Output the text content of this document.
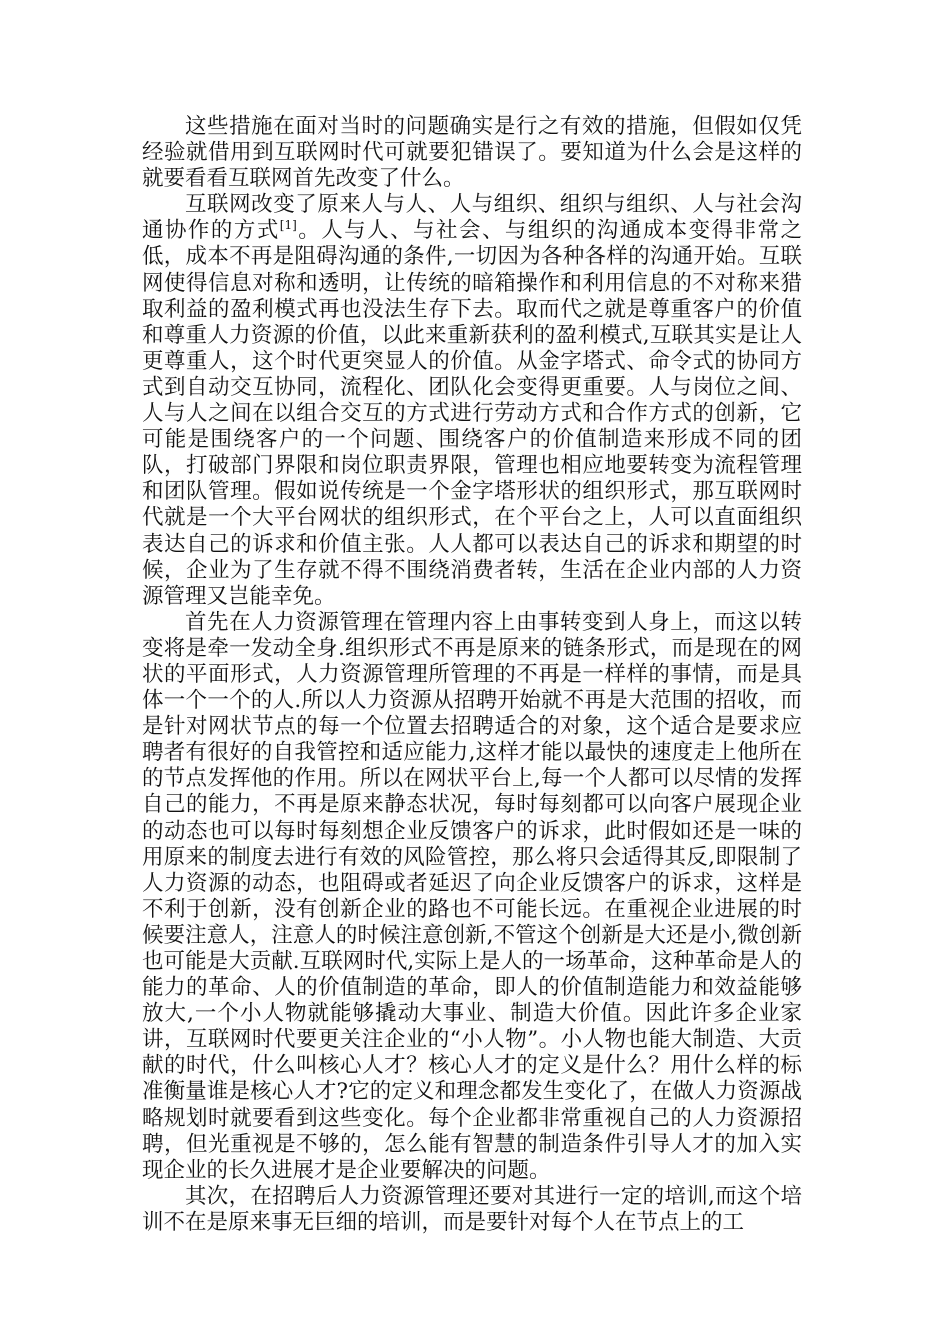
这些措施在面对当时的问题确实是行之有效的措施，但假如仅凭经验就借用到互联网时代可就要犯错误了。要知道为什么会是这样的就要看看互联网首先改变了什么。

互联网改变了原来人与人、人与组织、组织与组织、人与社会沟通协作的方式[1]。人与人、与社会、与组织的沟通成本变得非常之低，成本不再是阻碍沟通的条件,一切因为各种各样的沟通开始。互联网使得信息对称和透明，让传统的暗箱操作和利用信息的不对称来猎取利益的盈利模式再也没法生存下去。取而代之就是尊重客户的价值和尊重人力资源的价值，以此来重新获利的盈利模式,互联其实是让人更尊重人，这个时代更突显人的价值。从金字塔式、命令式的协同方式到自动交互协同，流程化、团队化会变得更重要。人与岗位之间、人与人之间在以组合交互的方式进行劳动方式和合作方式的创新，它可能是围绕客户的一个问题、围绕客户的价值制造来形成不同的团队，打破部门界限和岗位职责界限，管理也相应地要转变为流程管理和团队管理。假如说传统是一个金字塔形状的组织形式，那互联网时代就是一个大平台网状的组织形式，在个平台之上，人可以直面组织表达自己的诉求和价值主张。人人都可以表达自己的诉求和期望的时候，企业为了生存就不得不围绕消费者转，生活在企业内部的人力资源管理又岂能幸免。

首先在人力资源管理在管理内容上由事转变到人身上，而这以转变将是牵一发动全身.组织形式不再是原来的链条形式，而是现在的网状的平面形式，人力资源管理所管理的不再是一样样的事情，而是具体一个一个的人.所以人力资源从招聘开始就不再是大范围的招收，而是针对网状节点的每一个位置去招聘适合的对象，这个适合是要求应聘者有很好的自我管控和适应能力,这样才能以最快的速度走上他所在的节点发挥他的作用。所以在网状平台上,每一个人都可以尽情的发挥自己的能力，不再是原来静态状况，每时每刻都可以向客户展现企业的动态也可以每时每刻想企业反馈客户的诉求，此时假如还是一味的用原来的制度去进行有效的风险管控，那么将只会适得其反,即限制了人力资源的动态，也阻碍或者延迟了向企业反馈客户的诉求，这样是不利于创新，没有创新企业的路也不可能长远。在重视企业进展的时候要注意人，注意人的时候注意创新,不管这个创新是大还是小,微创新也可能是大贡献.互联网时代,实际上是人的一场革命，这种革命是人的能力的革命、人的价值制造的革命，即人的价值制造能力和效益能够放大,一个小人物就能够撬动大事业、制造大价值。因此许多企业家讲，互联网时代要更关注企业的“小人物”。小人物也能大制造、大贡献的时代，什么叫核心人才？核心人才的定义是什么？用什么样的标准衡量谁是核心人才?它的定义和理念都发生变化了，在做人力资源战略规划时就要看到这些变化。每个企业都非常重视自己的人力资源招聘，但光重视是不够的，怎么能有智慧的制造条件引导人才的加入实现企业的长久进展才是企业要解决的问题。

其次，在招聘后人力资源管理还要对其进行一定的培训,而这个培训不在是原来事无巨细的培训，而是要针对每个人在节点上的工
